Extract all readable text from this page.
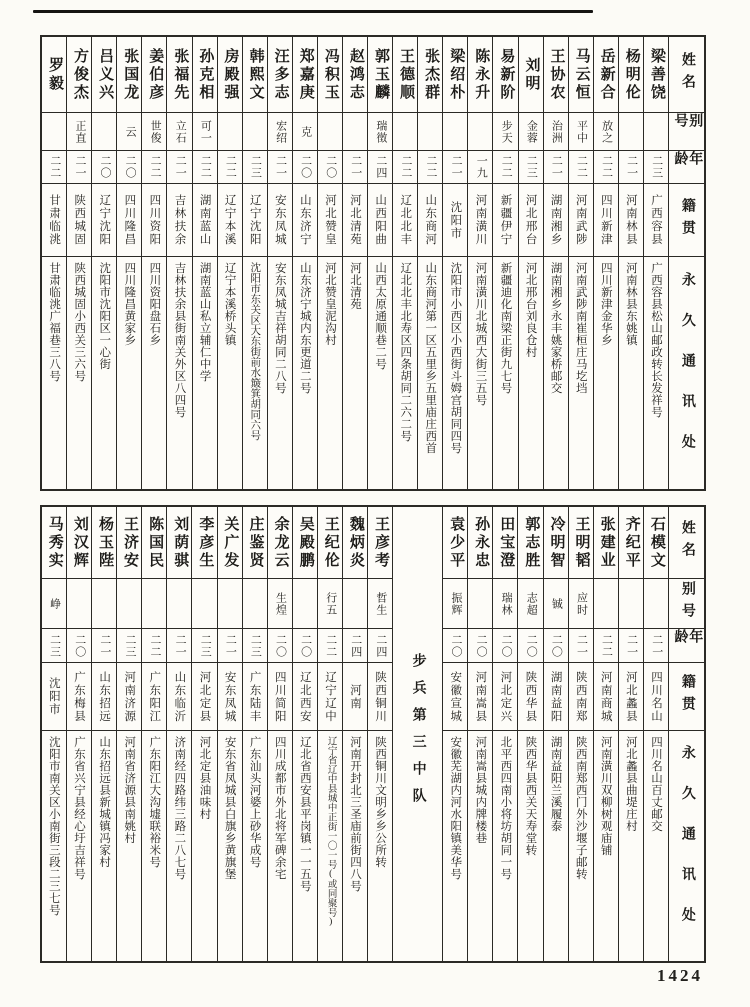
姓名
别号
年龄
籍贯
永久通讯处
梁善饶
二三
广西容县
广西容县松山邮政转长发祥号
杨明伦
二一
河南林县
河南林县东姚镇
岳新合
放之
二二
四川新津
四川新津金华乡
马云恒
平中
二二
河南武陟
河南武陟南崔桓庄马圪垱
王协农
治洲
二一
湖南湘乡
湖南湘乡永丰姚家桥邮交
刘明
金蓉
二三
河北邢台
河北邢台刘良仓村
易新阶
步天
二二
新疆伊宁
新疆迪化南梁正街九七号
陈永升
一九
河南潢川
河南潢川北城西大街三五号
梁绍朴
二一
沈阳市
沈阳市小西区小西街斗姆宫胡同四号
张杰群
二二
山东商河
山东商河第一区五里乡五里庙庄西首
王德顺
二二
辽北北丰
辽北北丰北寿区四条胡同二六二号
郭玉麟
瑞徵
二四
山西阳曲
山西太原通顺巷二号
赵鸿志
二一
河北清苑
河北清苑
冯积玉
二〇
河北赞皇
河北赞皇泥沟村
郑嘉庚
克
二〇
山东济宁
山东济宁城内东更道二号
汪多志
宏绍
二一
安东凤城
安东凤城吉祥胡同二八号
韩熙文
二三
辽宁沈阳
沈阳市东关区大东街前水簸箕胡同六号
房殿强
二二
辽宁本溪
辽宁本溪桥头镇
孙克相
可一
二二
湖南蓝山
湖南蓝山私立辅仁中学
张福先
立石
二一
吉林扶余
吉林扶余县街南关外区八四号
姜伯彦
世俊
二二
四川资阳
四川资阳盘石乡
张国龙
云
二〇
四川隆昌
四川隆昌黄家乡
吕义兴
二〇
辽宁沈阳
沈阳市沈阳区一心街
方俊杰
正直
二一
陕西城固
陕西城固小西关三六号
罗毅
二二
甘肃临洮
甘肃临洮广福巷三八号
姓名
别号
年龄
籍贯
永久通讯处
石模文
二一
四川名山
四川名山百丈邮交
齐纪平
二一
河北蠡县
河北蠡县曲堤庄村
张建业
二二
河南商城
河南潢川双柳树观庙铺
王明韬
应时
二一
陕西南郑
陕西南郑西门外沙堰子邮转
冷明智
铖
二〇
湖南益阳
湖南益阳兰溪履泰
郭志胜
志超
二〇
陕西华县
陕西华县西关天寿堂转
田宝澄
瑞林
二〇
河北定兴
北平西四南小将坊胡同一号
孙永忠
二〇
河南嵩县
河南嵩县城内牌楼巷
袁少平
振辉
二〇
安徽宣城
安徽芜湖内河水阳镇美华号
步兵第三中队
王彦考
哲生
二四
陕西铜川
陕西铜川文明乡乡公所转
魏炳炎
二四
河南
河南开封北三圣庙前街四八号
王纪伦
行五
二二
辽宁辽中
辽宁省辽中县城中正街一〇一号(或同聚号)
吴殿鹏
二〇
辽北西安
辽北省西安县平岗镇一一五号
余龙云
生煌
二〇
四川简阳
四川成都市外北将军碑余宅
庄鉴贤
二三
广东陆丰
广东汕头河婆上砂华成号
关广发
二一
安东凤城
安东省凤城县白旗乡黄旗堡
李彦生
二三
河北定县
河北定县油味村
刘荫骐
二一
山东临沂
济南经四路纬三路二八七号
陈国民
二二
广东阳江
广东阳江大沟墟联裕米号
王济安
二三
河南济源
河南省济源县南姚村
杨玉陛
二一
山东招远
山东招远县新城镇冯家村
刘汉辉
二〇
广东梅县
广东省兴宁县经心圩吉祥号
马秀实
峥
二三
沈阳市
沈阳市南关区小南街三段二三七号
1424
